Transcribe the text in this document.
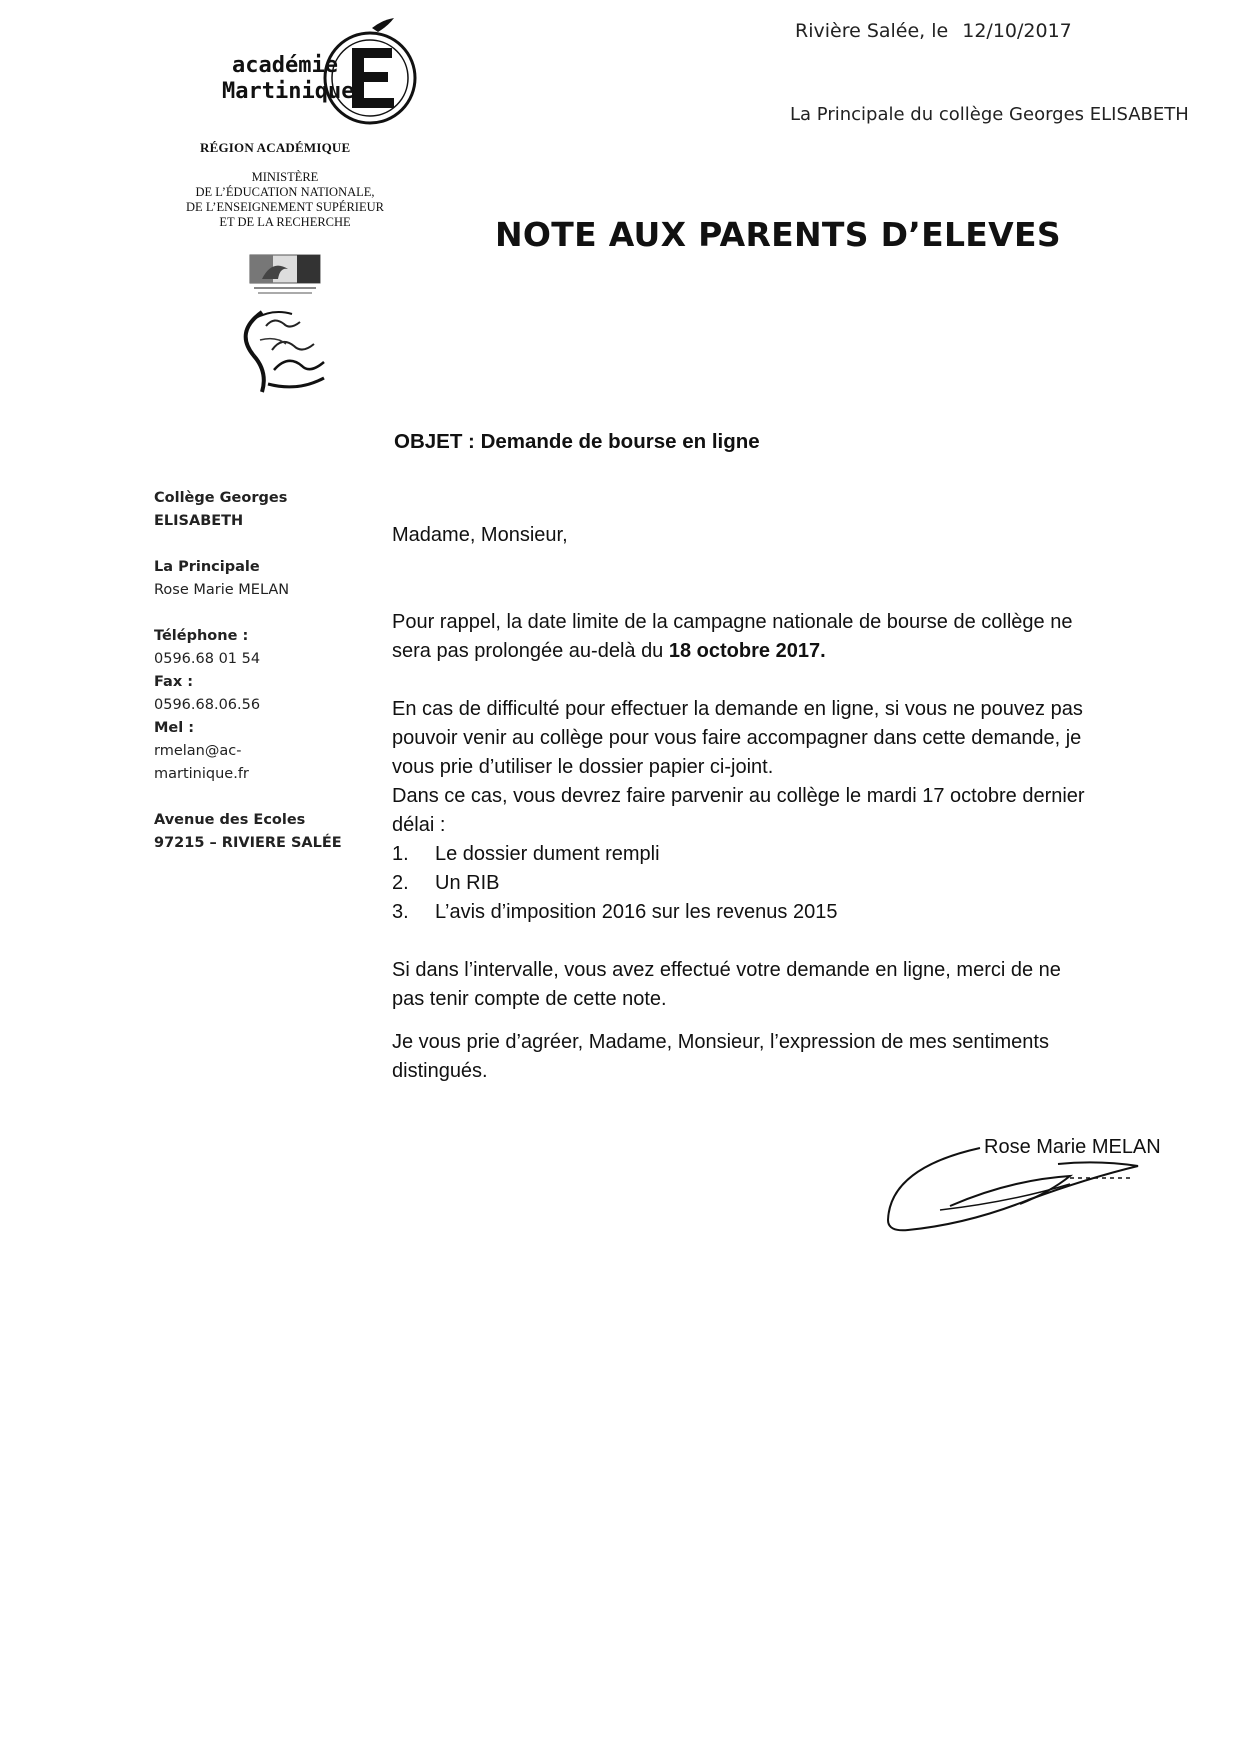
Rivière Salée, le 12/10/2017
La Principale du collège Georges ELISABETH
NOTE AUX PARENTS D’ELEVES
académie
Martinique
RÉGION ACADÉMIQUE
MINISTÈRE
DE L’ÉDUCATION NATIONALE,
DE L’ENSEIGNEMENT SUPÉRIEUR
ET DE LA RECHERCHE
Collège Georges
ELISABETH
La Principale
Rose Marie MELAN
Téléphone :
0596.68 01 54
Fax :
0596.68.06.56
Mel :
rmelan@ac-
martinique.fr
Avenue des Ecoles
97215 – RIVIERE SALÉE
OBJET : Demande de bourse en ligne

Madame, Monsieur,

Pour rappel, la date limite de la campagne nationale de bourse de collège ne

sera pas prolongée au-delà du 18 octobre 2017.

En cas de difficulté pour effectuer la demande en ligne, si vous ne pouvez pas

pouvoir venir au collège pour vous faire accompagner dans cette demande, je

vous prie d’utiliser le dossier papier ci-joint.

Dans ce cas, vous devrez faire parvenir au collège le mardi 17 octobre dernier

délai :

1.	Le dossier dument rempli
2.	Un RIB
3.	L’avis d’imposition 2016 sur les revenus 2015

Si dans l’intervalle, vous avez effectué votre demande en ligne, merci de ne

pas tenir compte de cette note.

Je vous prie d’agréer, Madame, Monsieur, l’expression de mes sentiments

distingués.

Rose Marie MELAN
